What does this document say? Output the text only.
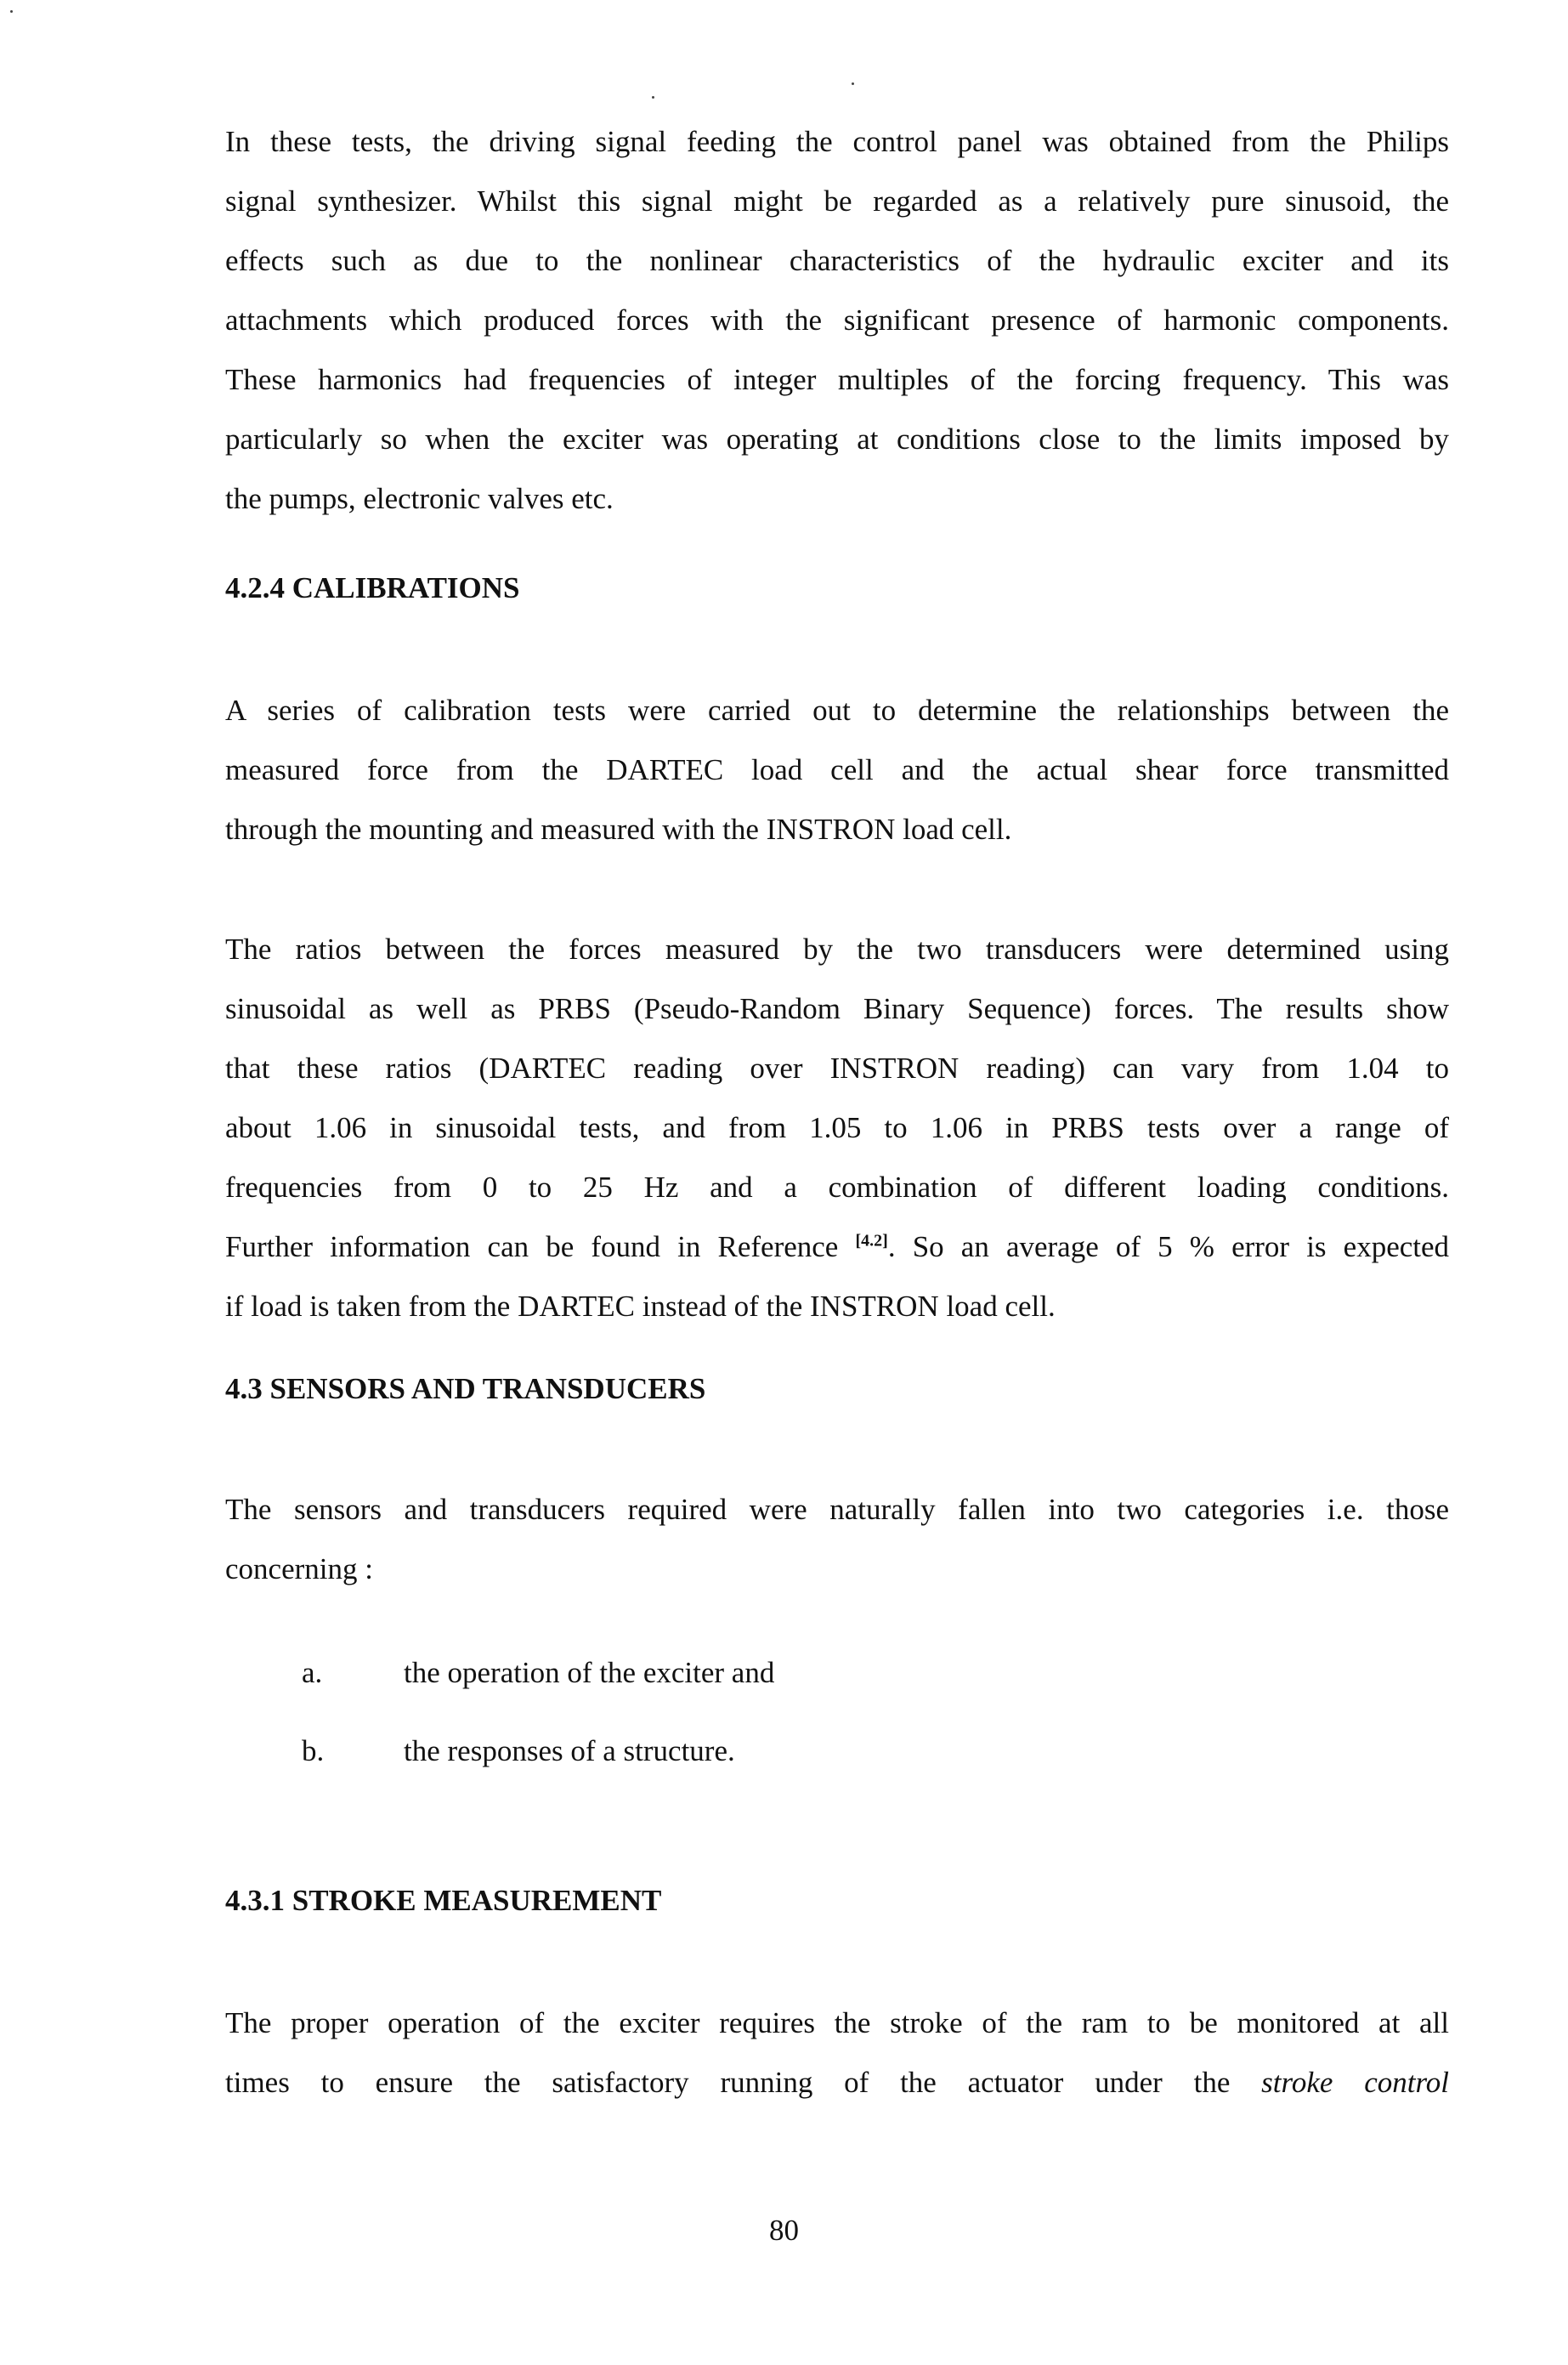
In these tests, the driving signal feeding the control panel was obtained from the Philips
signal synthesizer. Whilst this signal might be regarded as a relatively pure sinusoid, the
effects such as due to the nonlinear characteristics of the hydraulic exciter and its
attachments which produced forces with the significant presence of harmonic components.
These harmonics had frequencies of integer multiples of the forcing frequency. This was
particularly so when the exciter was operating at conditions close to the limits imposed by
the pumps, electronic valves etc.
4.2.4 CALIBRATIONS
A series of calibration tests were carried out to determine the relationships between the
measured force from the DARTEC load cell and the actual shear force transmitted
through the mounting and measured with the INSTRON load cell.
The ratios between the forces measured by the two transducers were determined using
sinusoidal as well as PRBS (Pseudo-Random Binary Sequence) forces. The results show
that these ratios (DARTEC reading over INSTRON reading) can vary from 1.04 to
about 1.06 in sinusoidal tests, and from 1.05 to 1.06 in PRBS tests over a range of
frequencies from 0 to 25 Hz and a combination of different loading conditions.
Further information can be found in Reference [4.2]. So an average of 5 % error is expected
if load is taken from the DARTEC instead of the INSTRON load cell.
4.3 SENSORS AND TRANSDUCERS
The sensors and transducers required were naturally fallen into two categories i.e. those
concerning :
a.	the operation of the exciter and
b.	the responses of a structure.
4.3.1 STROKE MEASUREMENT
The proper operation of the exciter requires the stroke of the ram to be monitored at all
times to ensure the satisfactory running of the actuator under the stroke control
80
